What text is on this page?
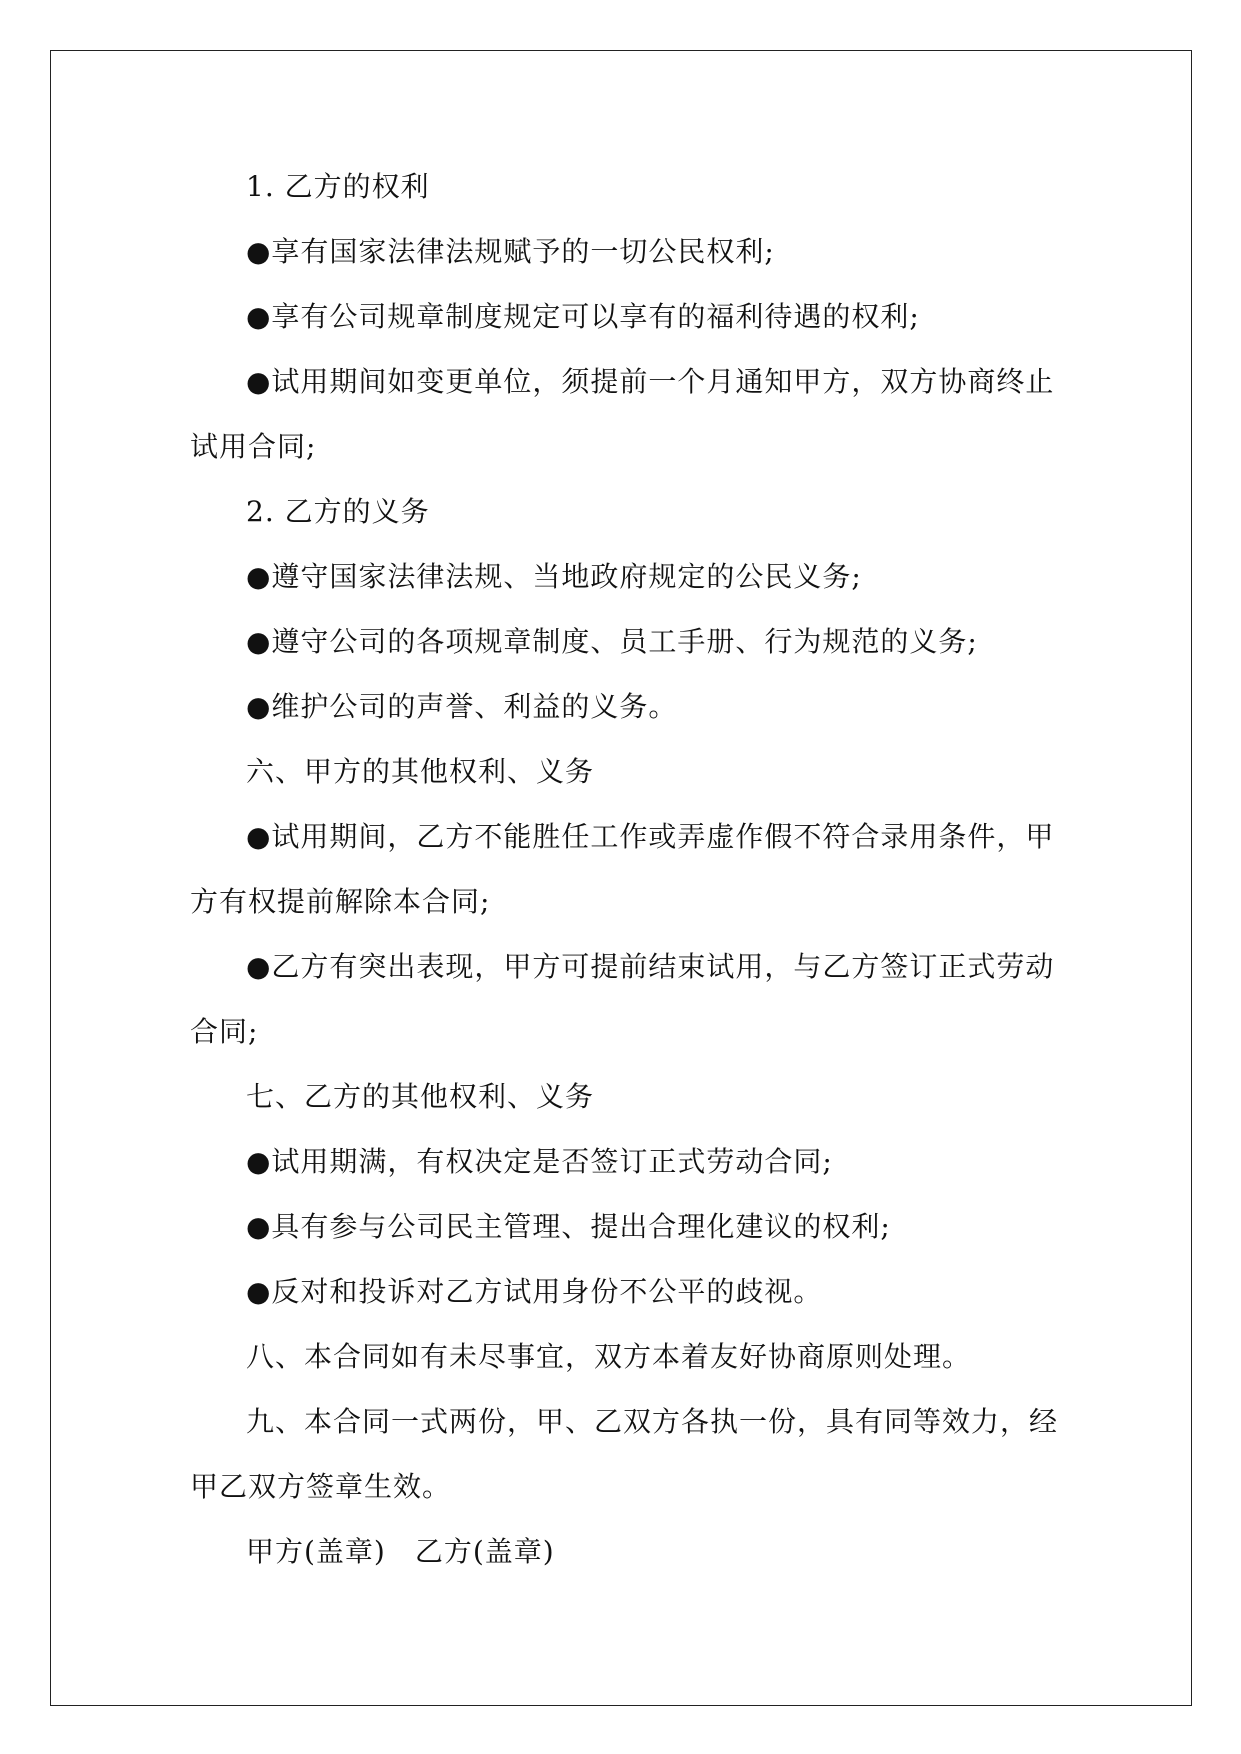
1. 乙方的权利

●享有国家法律法规赋予的一切公民权利;

●享有公司规章制度规定可以享有的福利待遇的权利;

●试用期间如变更单位，须提前一个月通知甲方，双方协商终止试用合同;

2. 乙方的义务

●遵守国家法律法规、当地政府规定的公民义务;

●遵守公司的各项规章制度、员工手册、行为规范的义务;

●维护公司的声誉、利益的义务。

六、甲方的其他权利、义务

●试用期间，乙方不能胜任工作或弄虚作假不符合录用条件，甲方有权提前解除本合同;

●乙方有突出表现，甲方可提前结束试用，与乙方签订正式劳动合同;

七、乙方的其他权利、义务

●试用期满，有权决定是否签订正式劳动合同;

●具有参与公司民主管理、提出合理化建议的权利;

●反对和投诉对乙方试用身份不公平的歧视。

八、本合同如有未尽事宜，双方本着友好协商原则处理。

九、本合同一式两份，甲、乙双方各执一份，具有同等效力，经甲乙双方签章生效。

甲方(盖章)　乙方(盖章)
